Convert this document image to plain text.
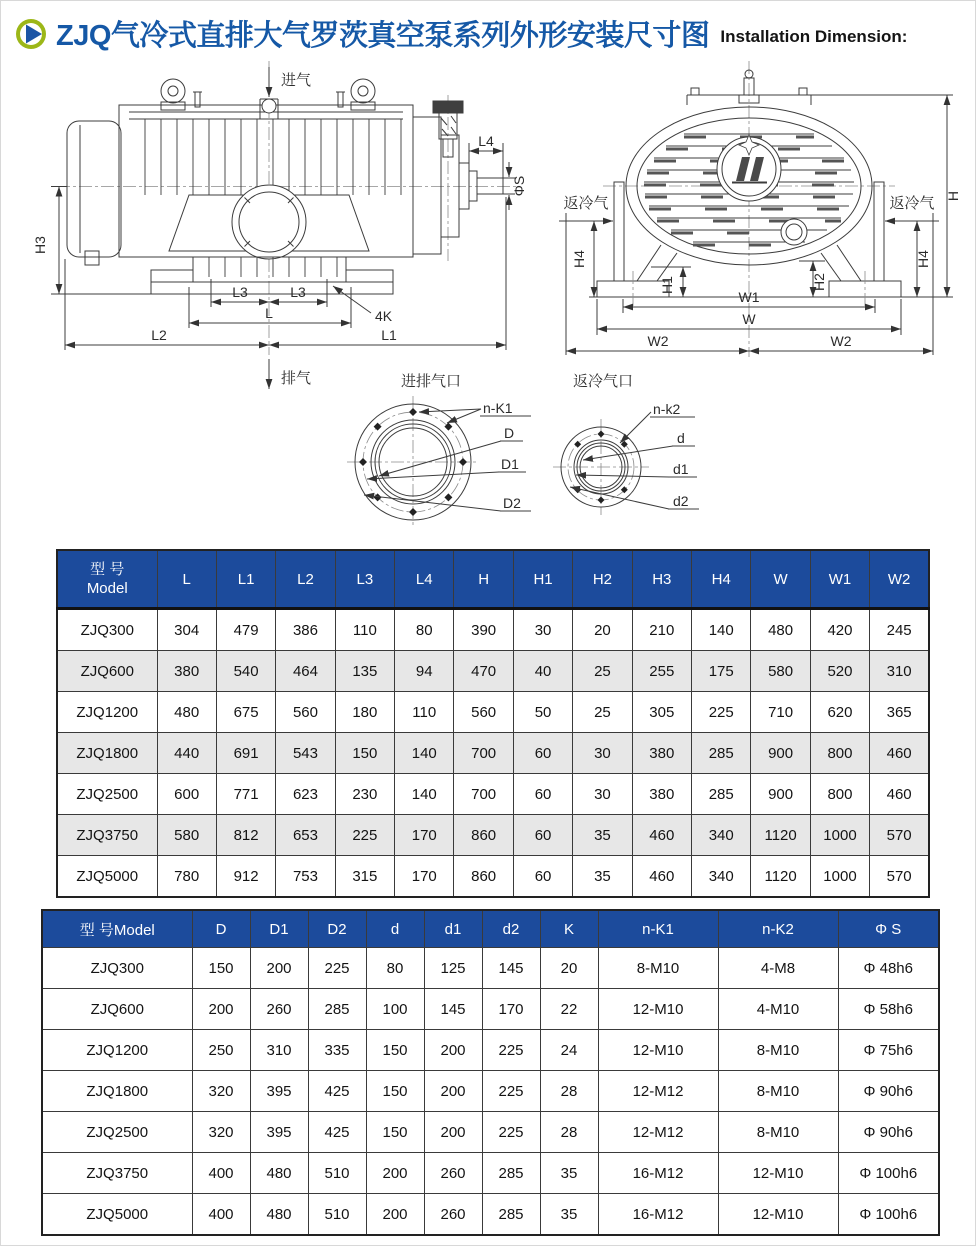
ZJQ气冷式直排大气罗茨真空泵系列外形安装尺寸图 Installation Dimension:
进气
排气
H3
L3	L3
4K
L
L2	L1
L4
ΦS
返冷气	返冷气 H
H4	H4
H1	H2
W1
W
W2	W2
进排气口
n-K1
D
D1
D2
返冷气口
n-k2
d
d1
d2
型 号
Model	L	L1	L2	L3	L4	H	H1	H2	H3	H4	W	W1	W2
ZJQ300	304	479	386	110	80	390	30	20	210	140	480	420	245
ZJQ600	380	540	464	135	94	470	40	25	255	175	580	520	310
ZJQ1200	480	675	560	180	110	560	50	25	305	225	710	620	365
ZJQ1800	440	691	543	150	140	700	60	30	380	285	900	800	460
ZJQ2500	600	771	623	230	140	700	60	30	380	285	900	800	460
ZJQ3750	580	812	653	225	170	860	60	35	460	340	1120	1000	570
ZJQ5000	780	912	753	315	170	860	60	35	460	340	1120	1000	570
型 号Model	D	D1	D2	d	d1	d2	K	n-K1	n-K2	Φ S
ZJQ300	150	200	225	80	125	145	20	8-M10	4-M8	Φ 48h6
ZJQ600	200	260	285	100	145	170	22	12-M10	4-M10	Φ 58h6
ZJQ1200	250	310	335	150	200	225	24	12-M10	8-M10	Φ 75h6
ZJQ1800	320	395	425	150	200	225	28	12-M12	8-M10	Φ 90h6
ZJQ2500	320	395	425	150	200	225	28	12-M12	8-M10	Φ 90h6
ZJQ3750	400	480	510	200	260	285	35	16-M12	12-M10	Φ 100h6
ZJQ5000	400	480	510	200	260	285	35	16-M12	12-M10	Φ 100h6
